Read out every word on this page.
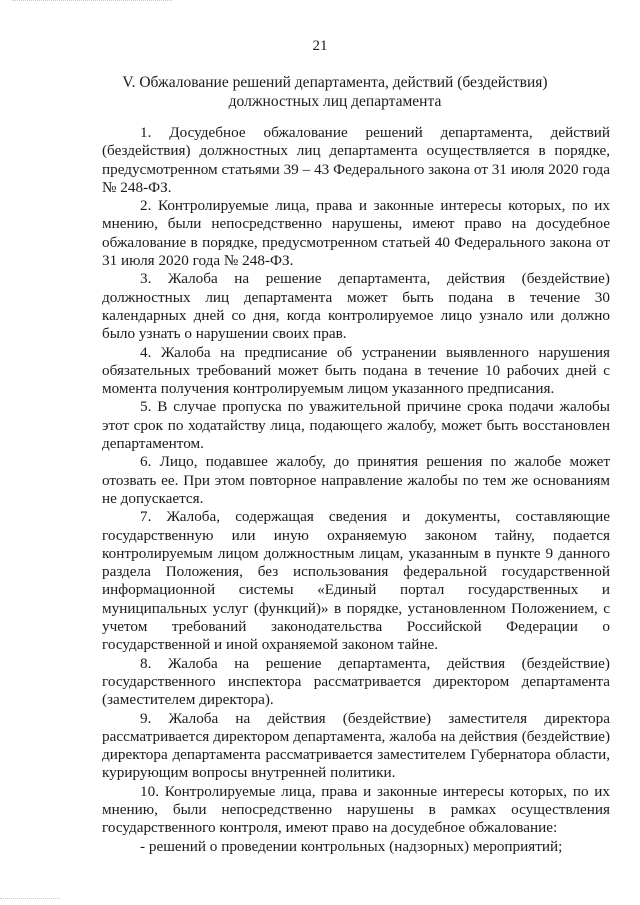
21
V. Обжалование решений департамента, действий (бездействия)
должностных лиц департамента

1. Досудебное обжалование решений департамента, действий (бездействия) должностных лиц департамента осуществляется в порядке, предусмотренном статьями 39 – 43 Федерального закона от 31 июля 2020 года № 248-ФЗ.

2. Контролируемые лица, права и законные интересы которых, по их мнению, были непосредственно нарушены, имеют право на досудебное обжалование в порядке, предусмотренном статьей 40 Федерального закона от 31 июля 2020 года № 248-ФЗ.

3. Жалоба на решение департамента, действия (бездействие) должностных лиц департамента может быть подана в течение 30 календарных дней со дня, когда контролируемое лицо узнало или должно было узнать о нарушении своих прав.

4. Жалоба на предписание об устранении выявленного нарушения обязательных требований может быть подана в течение 10 рабочих дней с момента получения контролируемым лицом указанного предписания.

5. В случае пропуска по уважительной причине срока подачи жалобы этот срок по ходатайству лица, подающего жалобу, может быть восстановлен департаментом.

6. Лицо, подавшее жалобу, до принятия решения по жалобе может отозвать ее. При этом повторное направление жалобы по тем же основаниям не допускается.

7. Жалоба, содержащая сведения и документы, составляющие государственную или иную охраняемую законом тайну, подается контролируемым лицом должностным лицам, указанным в пункте 9 данного раздела Положения, без использования федеральной государственной информационной системы «Единый портал государственных и муниципальных услуг (функций)» в порядке, установленном Положением, с учетом требований законодательства Российской Федерации о государственной и иной охраняемой законом тайне.

8. Жалоба на решение департамента, действия (бездействие) государственного инспектора рассматривается директором департамента (заместителем директора).

9. Жалоба на действия (бездействие) заместителя директора рассматривается директором департамента, жалоба на действия (бездействие) директора департамента рассматривается заместителем Губернатора области, курирующим вопросы внутренней политики.

10. Контролируемые лица, права и законные интересы которых, по их мнению, были непосредственно нарушены в рамках осуществления государственного контроля, имеют право на досудебное обжалование:

- решений о проведении контрольных (надзорных) мероприятий;
